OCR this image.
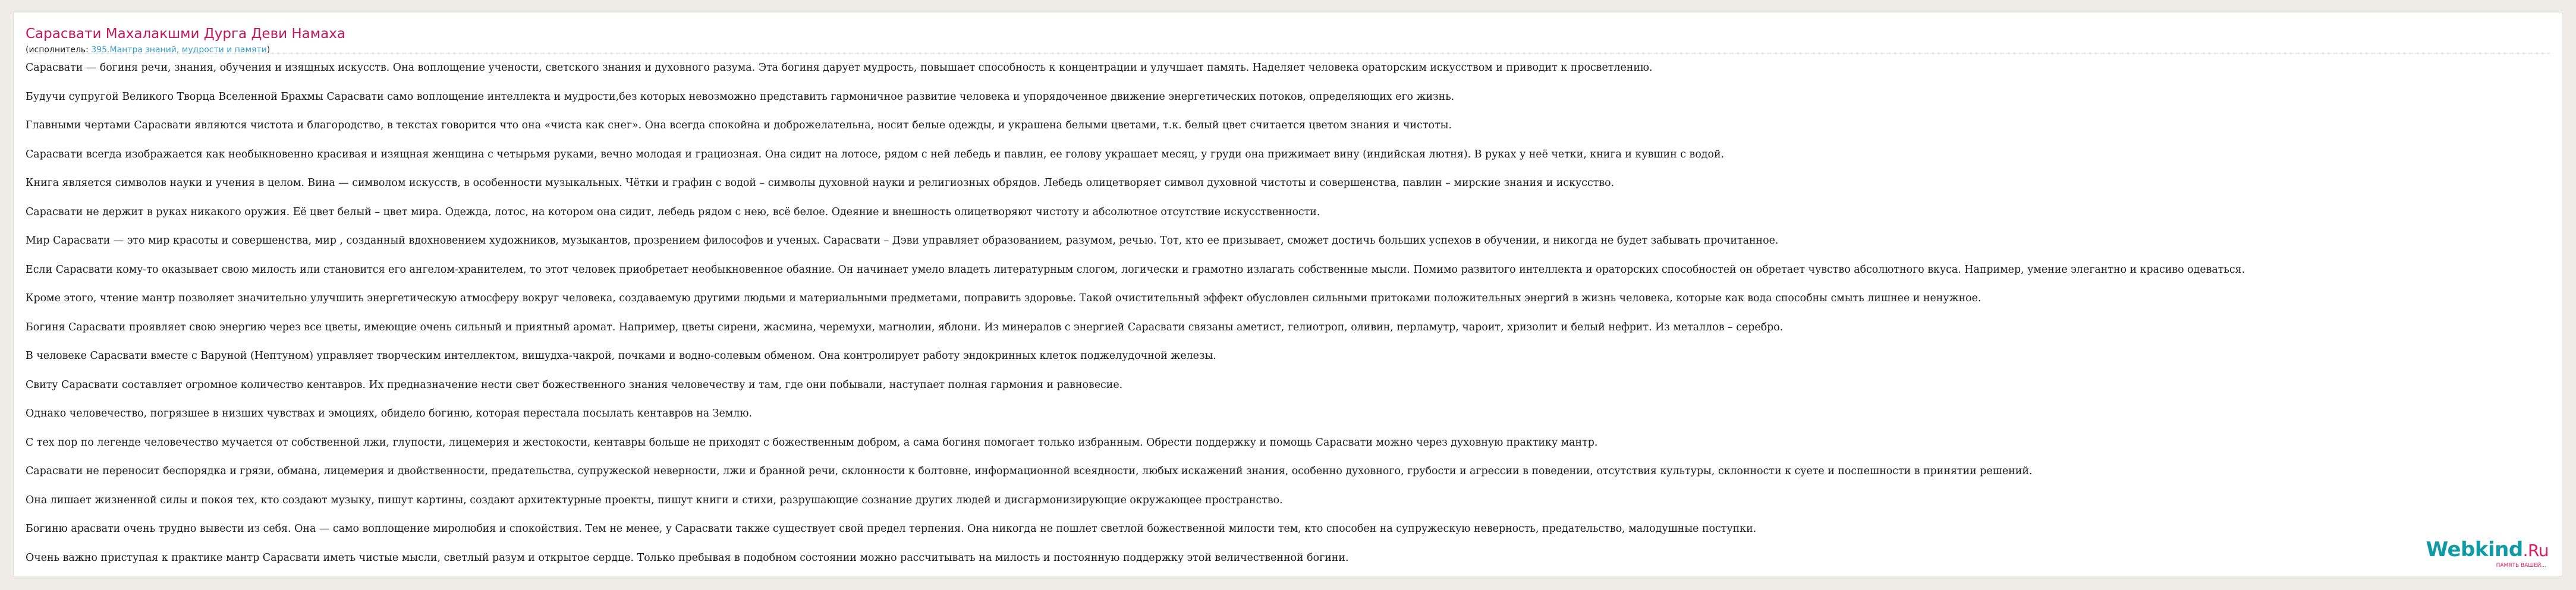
Сарасвати Махалакшми Дурга Деви Намаха
(исполнитель: 395.Мантра знаний, мудрости и памяти)

Сарасвати — богиня речи, знания, обучения и изящных искусств. Она воплощение учености, светского знания и духовного разума. Эта богиня дарует мудрость, повышает способность к концентрации и улучшает память. Наделяет человека ораторским искусством и приводит к просветлению.

Будучи супругой Великого Творца Вселенной Брахмы Сарасвати само воплощение интеллекта и мудрости,без которых невозможно представить гармоничное развитие человека и упорядоченное движение энергетических потоков, определяющих его жизнь.

Главными чертами Сарасвати являются чистота и благородство, в текстах говорится что она «чиста как снег». Она всегда спокойна и доброжелательна, носит белые одежды, и украшена белыми цветами, т.к. белый цвет считается цветом знания и чистоты.

Сарасвати всегда изображается как необыкновенно красивая и изящная женщина с четырьмя руками, вечно молодая и грациозная. Она сидит на лотосе, рядом с ней лебедь и павлин, ее голову украшает месяц, у груди она прижимает вину (индийская лютня). В руках у неё четки, книга и кувшин с водой.

Книга является символов науки и учения в целом. Вина — символом искусств, в особенности музыкальных. Чётки и графин с водой – символы духовной науки и религиозных обрядов. Лебедь олицетворяет символ духовной чистоты и совершенства, павлин – мирские знания и искусство.

Сарасвати не держит в руках никакого оружия. Её цвет белый – цвет мира. Одежда, лотос, на котором она сидит, лебедь рядом с нею, всё белое. Одеяние и внешность олицетворяют чистоту и абсолютное отсутствие искусственности.

Мир Сарасвати — это мир красоты и совершенства, мир , созданный вдохновением художников, музыкантов, прозрением философов и ученых. Сарасвати – Дэви управляет образованием, разумом, речью. Тот, кто ее призывает, сможет достичь больших успехов в обучении, и никогда не будет забывать прочитанное.

Если Сарасвати кому-то оказывает свою милость или становится его ангелом-хранителем, то этот человек приобретает необыкновенное обаяние. Он начинает умело владеть литературным слогом, логически и грамотно излагать собственные мысли. Помимо развитого интеллекта и ораторских способностей он обретает чувство абсолютного вкуса. Например, умение элегантно и красиво одеваться.

Кроме этого, чтение мантр позволяет значительно улучшить энергетическую атмосферу вокруг человека, создаваемую другими людьми и материальными предметами, поправить здоровье. Такой очистительный эффект обусловлен сильными притоками положительных энергий в жизнь человека, которые как вода способны смыть лишнее и ненужное.

Богиня Сарасвати проявляет свою энергию через все цветы, имеющие очень сильный и приятный аромат. Например, цветы сирени, жасмина, черемухи, магнолии, яблони. Из минералов с энергией Сарасвати связаны аметист, гелиотроп, оливин, перламутр, чароит, хризолит и белый нефрит. Из металлов – серебро.

В человеке Сарасвати вместе с Варуной (Нептуном) управляет творческим интеллектом, вишудха-чакрой, почками и водно-солевым обменом. Она контролирует работу эндокринных клеток поджелудочной железы.

Свиту Сарасвати составляет огромное количество кентавров. Их предназначение нести свет божественного знания человечеству и там, где они побывали, наступает полная гармония и равновесие.

Однако человечество, погрязшее в низших чувствах и эмоциях, обидело богиню, которая перестала посылать кентавров на Землю.

С тех пор по легенде человечество мучается от собственной лжи, глупости, лицемерия и жестокости, кентавры больше не приходят с божественным добром, а сама богиня помогает только избранным. Обрести поддержку и помощь Сарасвати можно через духовную практику мантр.

Сарасвати не переносит беспорядка и грязи, обмана, лицемерия и двойственности, предательства, супружеской неверности, лжи и бранной речи, склонности к болтовне, информационной всеядности, любых искажений знания, особенно духовного, грубости и агрессии в поведении, отсутствия культуры, склонности к суете и поспешности в принятии решений.

Она лишает жизненной силы и покоя тех, кто создают музыку, пишут картины, создают архитектурные проекты, пишут книги и стихи, разрушающие сознание других людей и дисгармонизирующие окружающее пространство.

Богиню арасвати очень трудно вывести из себя. Она — само воплощение миролюбия и спокойствия. Тем не менее, у Сарасвати также существует свой предел терпения. Она никогда не пошлет светлой божественной милости тем, кто способен на супружескую неверность, предательство, малодушные поступки.

Очень важно приступая к практике мантр Сарасвати иметь чистые мысли, светлый разум и открытое сердце. Только пребывая в подобном состоянии можно рассчитывать на милость и постоянную поддержку этой величественной богини.	Webkind.Ru
ПАМЯТЬ ВАШЕЙ...
